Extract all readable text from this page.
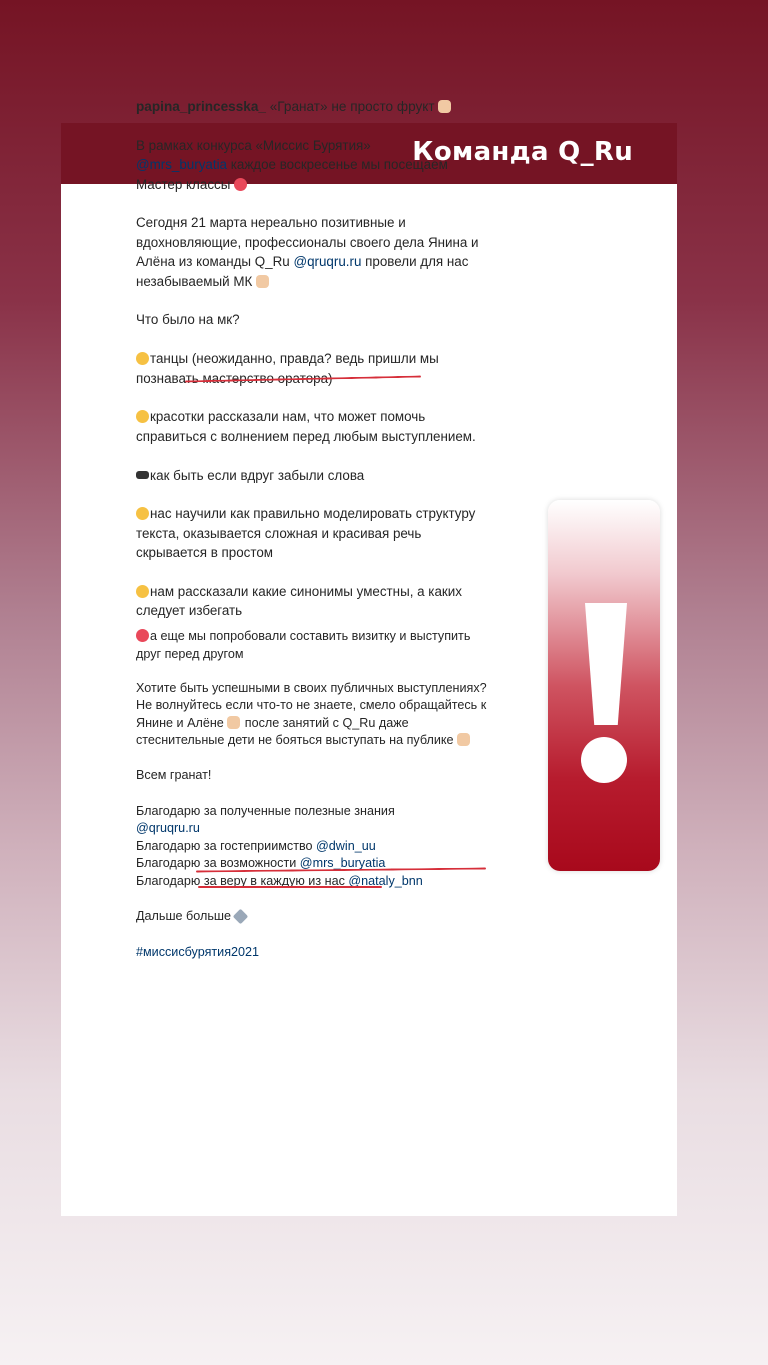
Команда Q_Ru
papina_princesska_ «Гранат» не просто фрукт
В рамках конкурса «Миссис Бурятия»
@mrs_buryatia каждое воскресенье мы посещаем Мастер классы
Сегодня 21 марта нереально позитивные и вдохновляющие, профессионалы своего дела Янина и Алёна из команды Q_Ru @qruqru.ru провели для нас незабываемый МК
Что было на мк?
танцы (неожиданно, правда? ведь пришли мы познавать мастерство оратора)
красотки рассказали нам, что может помочь справиться с волнением перед любым выступлением.
как быть если вдруг забыли слова
нас научили как правильно моделировать структуру текста, оказывается сложная и красивая речь скрывается в простом
нам рассказали какие синонимы уместны, а каких следует избегать
а еще мы попробовали составить визитку и выступить друг перед другом
Хотите быть успешными в своих публичных выступлениях?
Не волнуйтесь если что-то не знаете, смело обращайтесь к Янине и Алёне после занятий с Q_Ru даже стеснительные дети не бояться выступать на публике
Всем гранат!
Благодарю за полученные полезные знания
@qruqru.ru
Благодарю за гостеприимство @dwin_uu
Благодарю за возможности @mrs_buryatia
Благодарю за веру в каждую из нас @nataly_bnn
Дальше больше
#миссисбурятия2021
